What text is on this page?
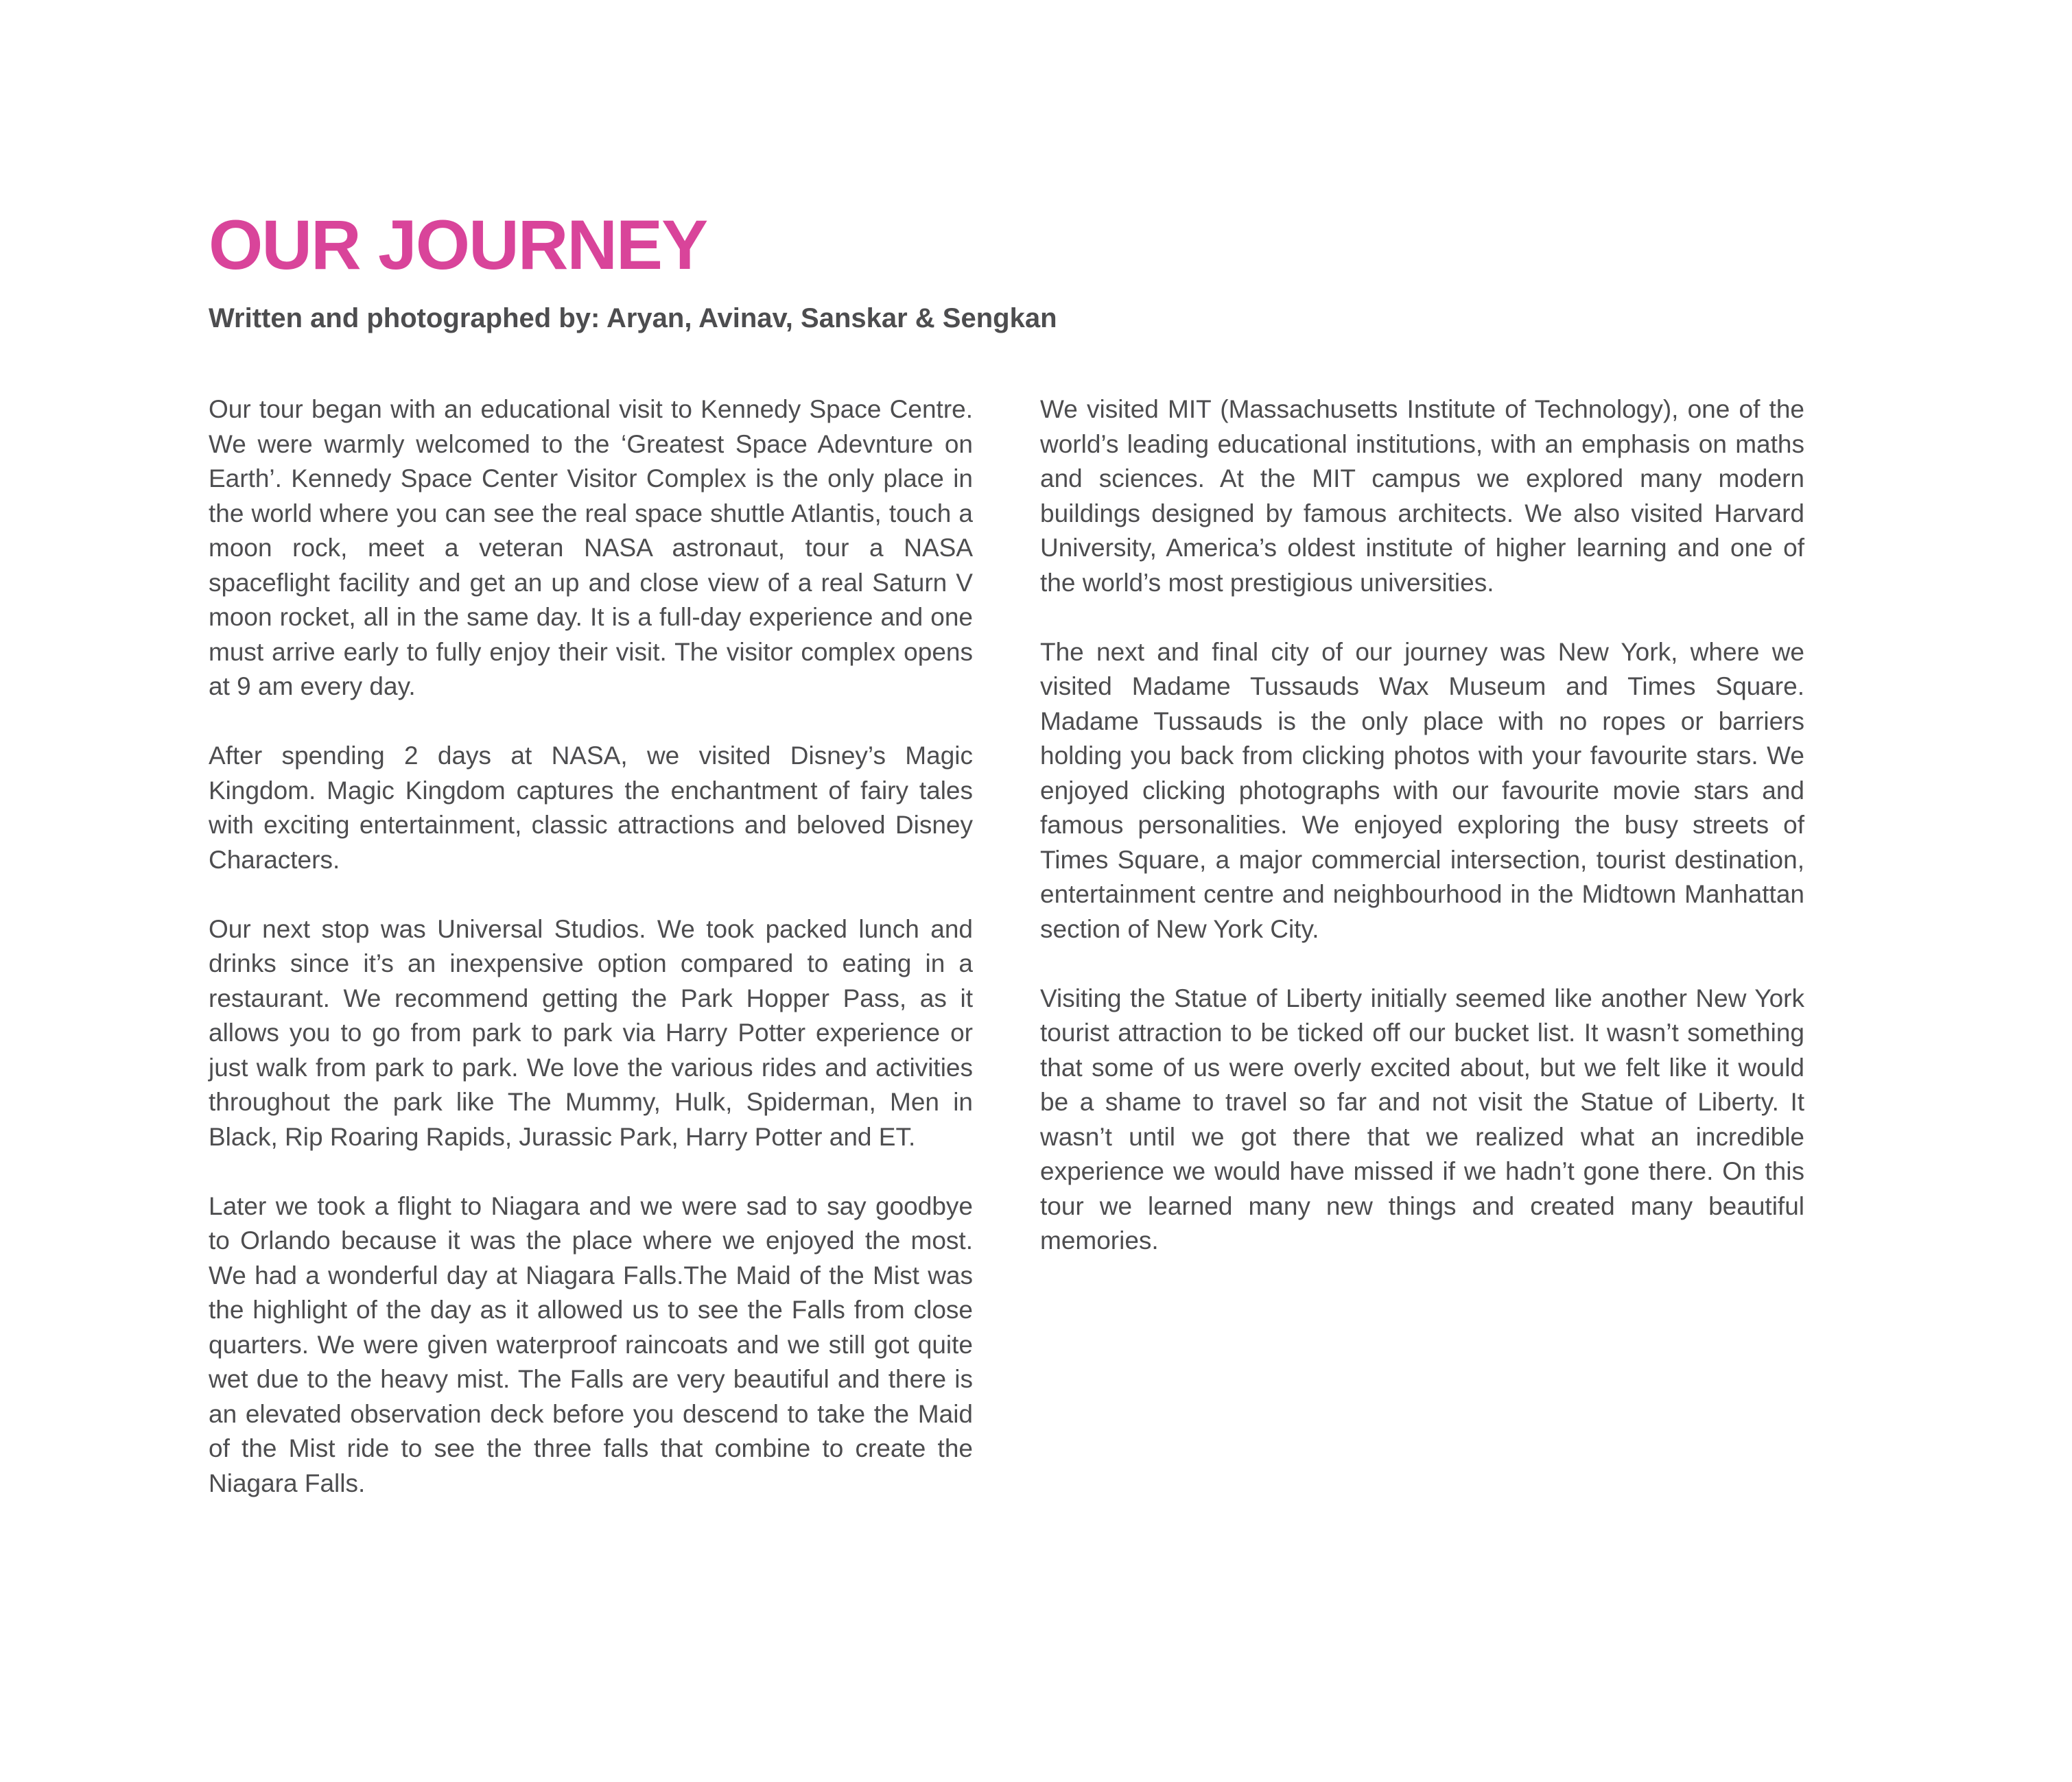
OUR JOURNEY
Written and photographed by: Aryan, Avinav, Sanskar & Sengkan

Our tour began with an educational visit to Kennedy Space Centre. We were warmly welcomed to the ‘Greatest Space Adevnture on Earth’. Kennedy Space Center Visitor Complex is the only place in the world where you can see the real space shuttle Atlantis, touch a moon rock, meet a veteran NASA astronaut, tour a NASA spaceflight facility and get an up and close view of a real Saturn V moon rocket, all in the same day. It is a full-day experience and one must arrive early to fully enjoy their visit. The visitor complex opens at 9 am every day.

After spending 2 days at NASA, we visited Disney’s Magic Kingdom. Magic Kingdom captures the enchantment of fairy tales with exciting entertainment, classic attractions and beloved Disney Characters.

Our next stop was Universal Studios. We took packed lunch and drinks since it’s an inexpensive option compared to eating in a restaurant. We recommend getting the Park Hopper Pass, as it allows you to go from park to park via Harry Potter experience or just walk from park to park. We love the various rides and activities throughout the park like The Mummy, Hulk, Spiderman, Men in Black, Rip Roaring Rapids, Jurassic Park, Harry Potter and ET.

Later we took a flight to Niagara and we were sad to say goodbye to Orlando because it was the place where we enjoyed the most. We had a wonderful day at Niagara Falls.The Maid of the Mist was the highlight of the day as it allowed us to see the Falls from close quarters. We were given waterproof raincoats and we still got quite wet due to the heavy mist. The Falls are very beautiful and there is an elevated observation deck before you descend to take the Maid of the Mist ride to see the three falls that combine to create the Niagara Falls.

We visited MIT (Massachusetts Institute of Technology), one of the world’s leading educational institutions, with an emphasis on maths and sciences. At the MIT campus we explored many modern buildings designed by famous architects. We also visited Harvard University, America’s oldest institute of higher learning and one of the world’s most prestigious universities.

The next and final city of our journey was New York, where we visited Madame Tussauds Wax Museum and Times Square. Madame Tussauds is the only place with no ropes or barriers holding you back from clicking photos with your favourite stars. We enjoyed clicking photographs with our favourite movie stars and famous personalities. We enjoyed exploring the busy streets of Times Square, a major commercial intersection, tourist destination, entertainment centre and neighbourhood in the Midtown Manhattan section of New York City.

Visiting the Statue of Liberty initially seemed like another New York tourist attraction to be ticked off our bucket list. It wasn’t something that some of us were overly excited about, but we felt like it would be a shame to travel so far and not visit the Statue of Liberty. It wasn’t until we got there that we realized what an incredible experience we would have missed if we hadn’t gone there. On this tour we learned many new things and created many beautiful memories.
